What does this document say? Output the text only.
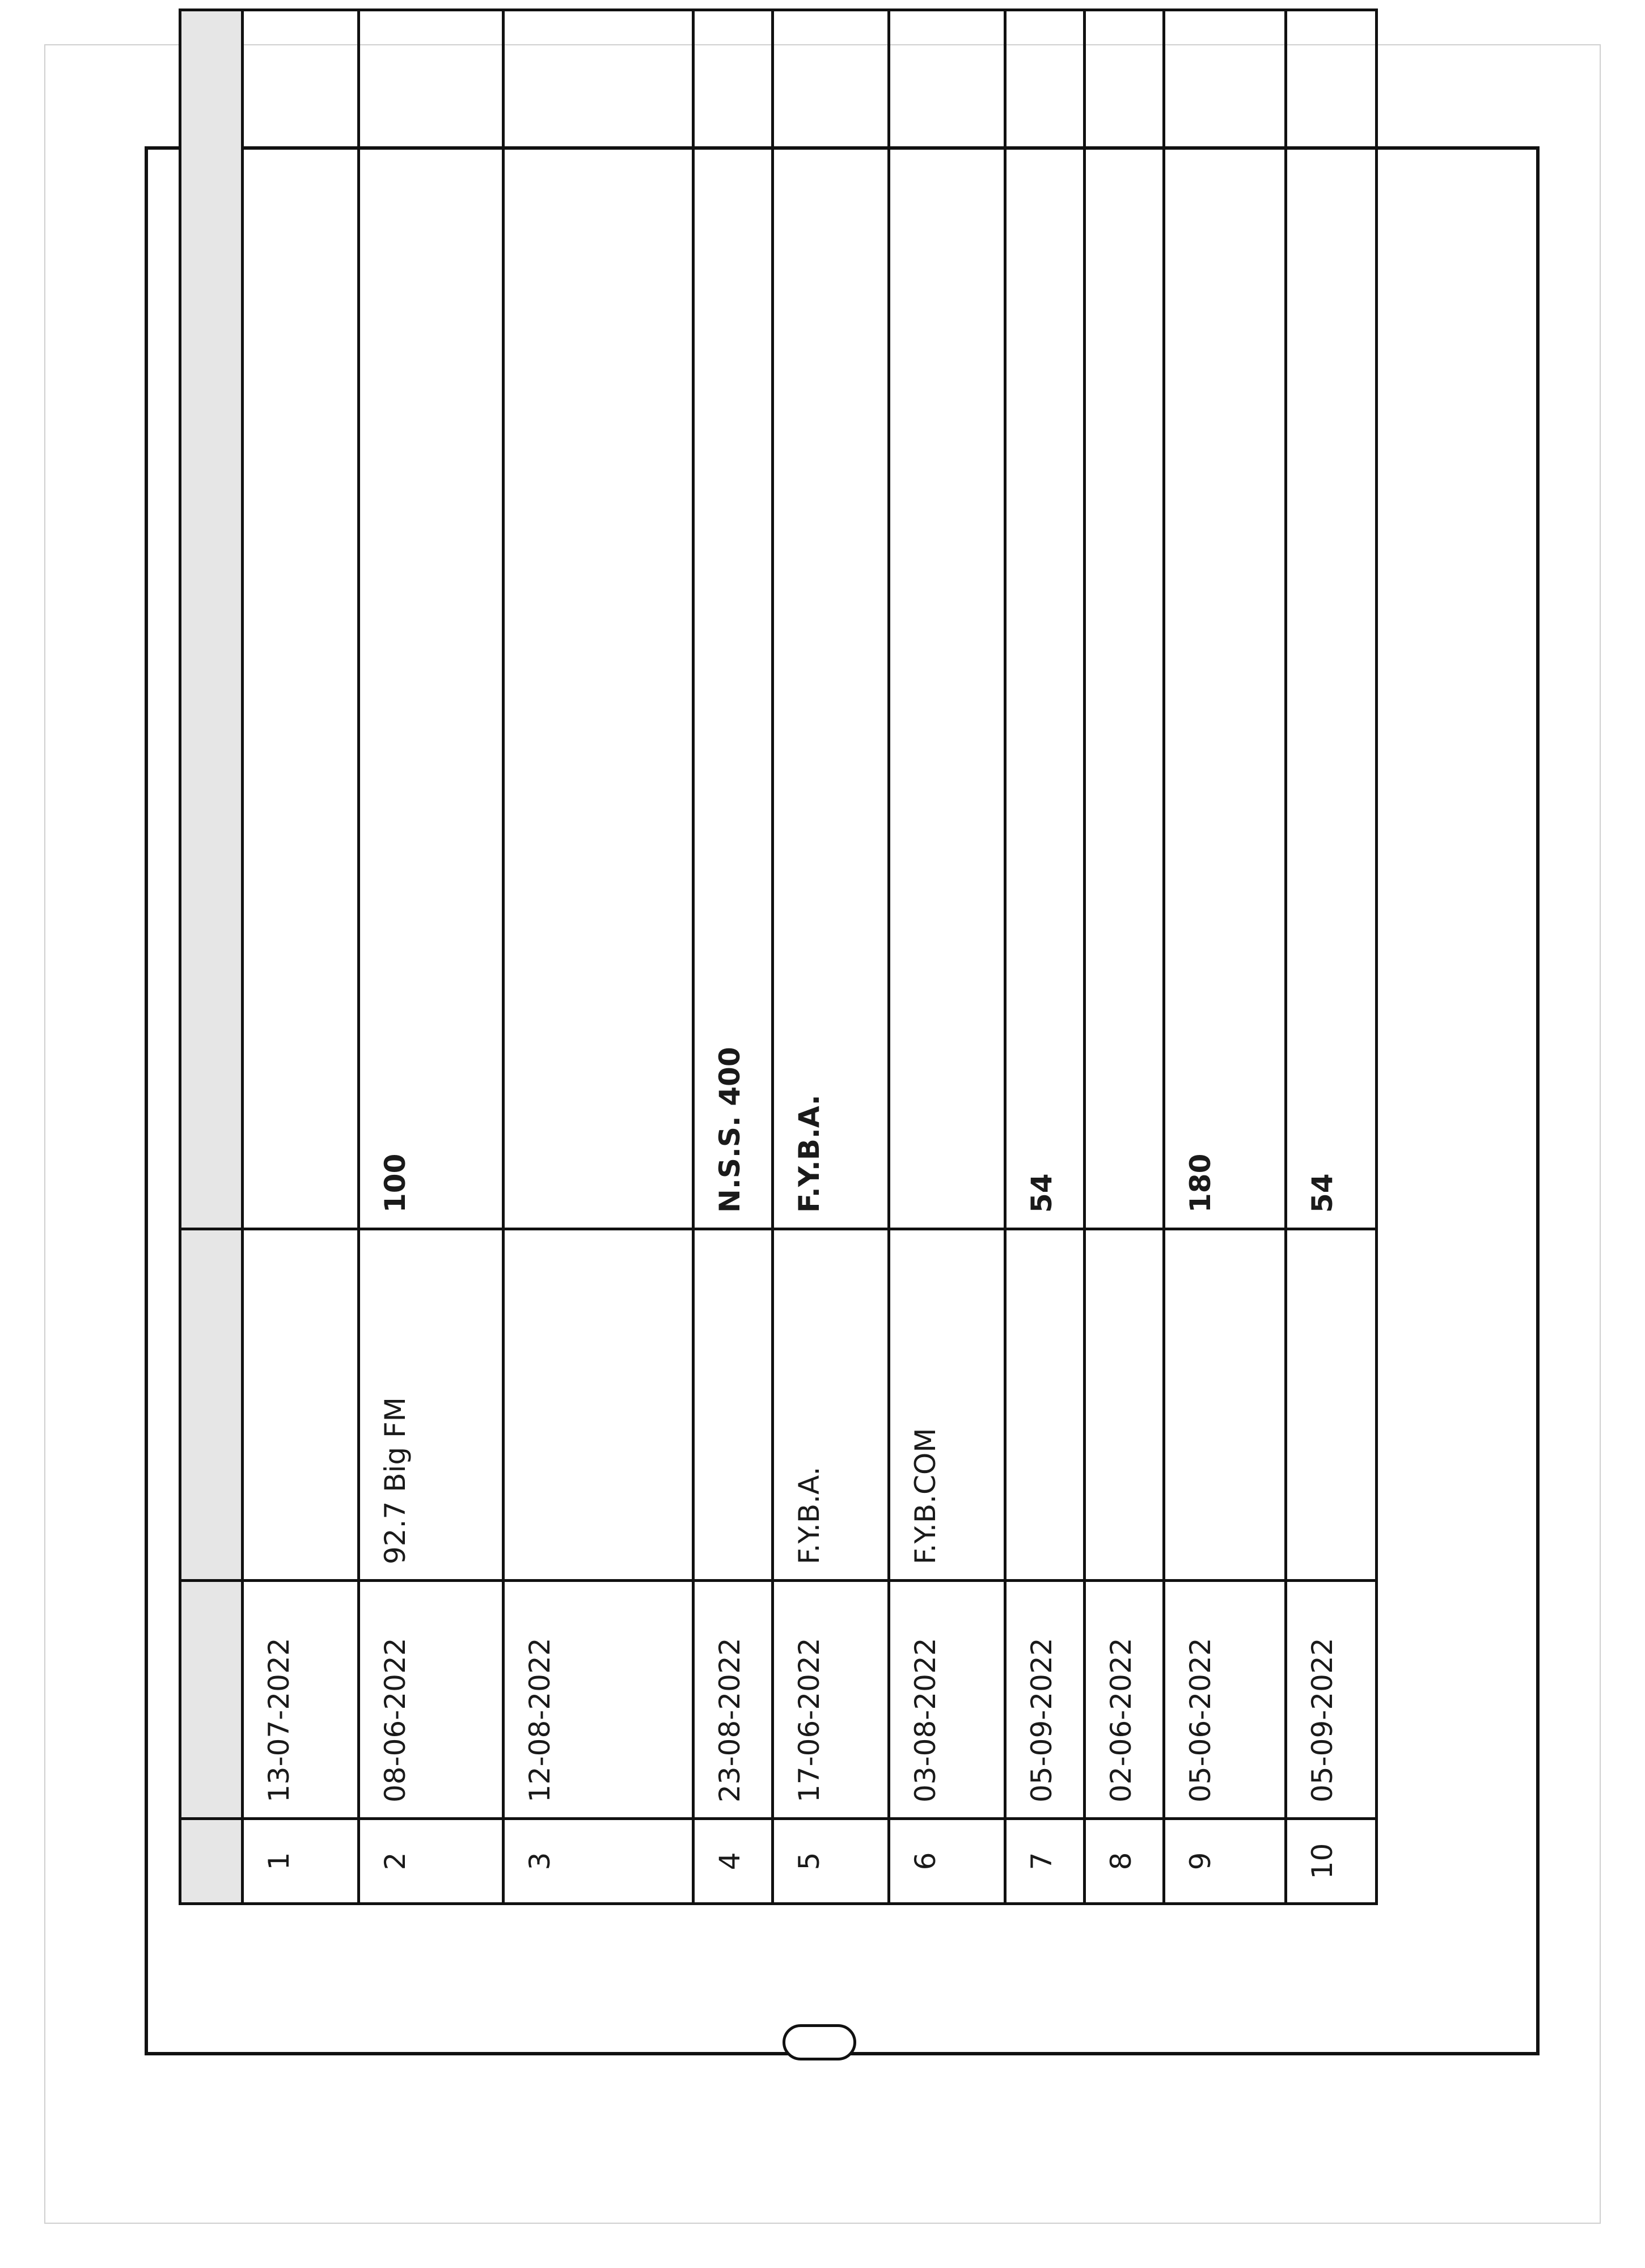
1	13-07-2022		
2	08-06-2022	92.7 Big FM	100
3	12-08-2022		
4	23-08-2022		N.S.S. 400
5	17-06-2022	F.Y.B.A.	F.Y.B.A.
6	03-08-2022	F.Y.B.COM	
7	05-09-2022		54
8	02-06-2022		
9	05-06-2022		180
10	05-09-2022		54
